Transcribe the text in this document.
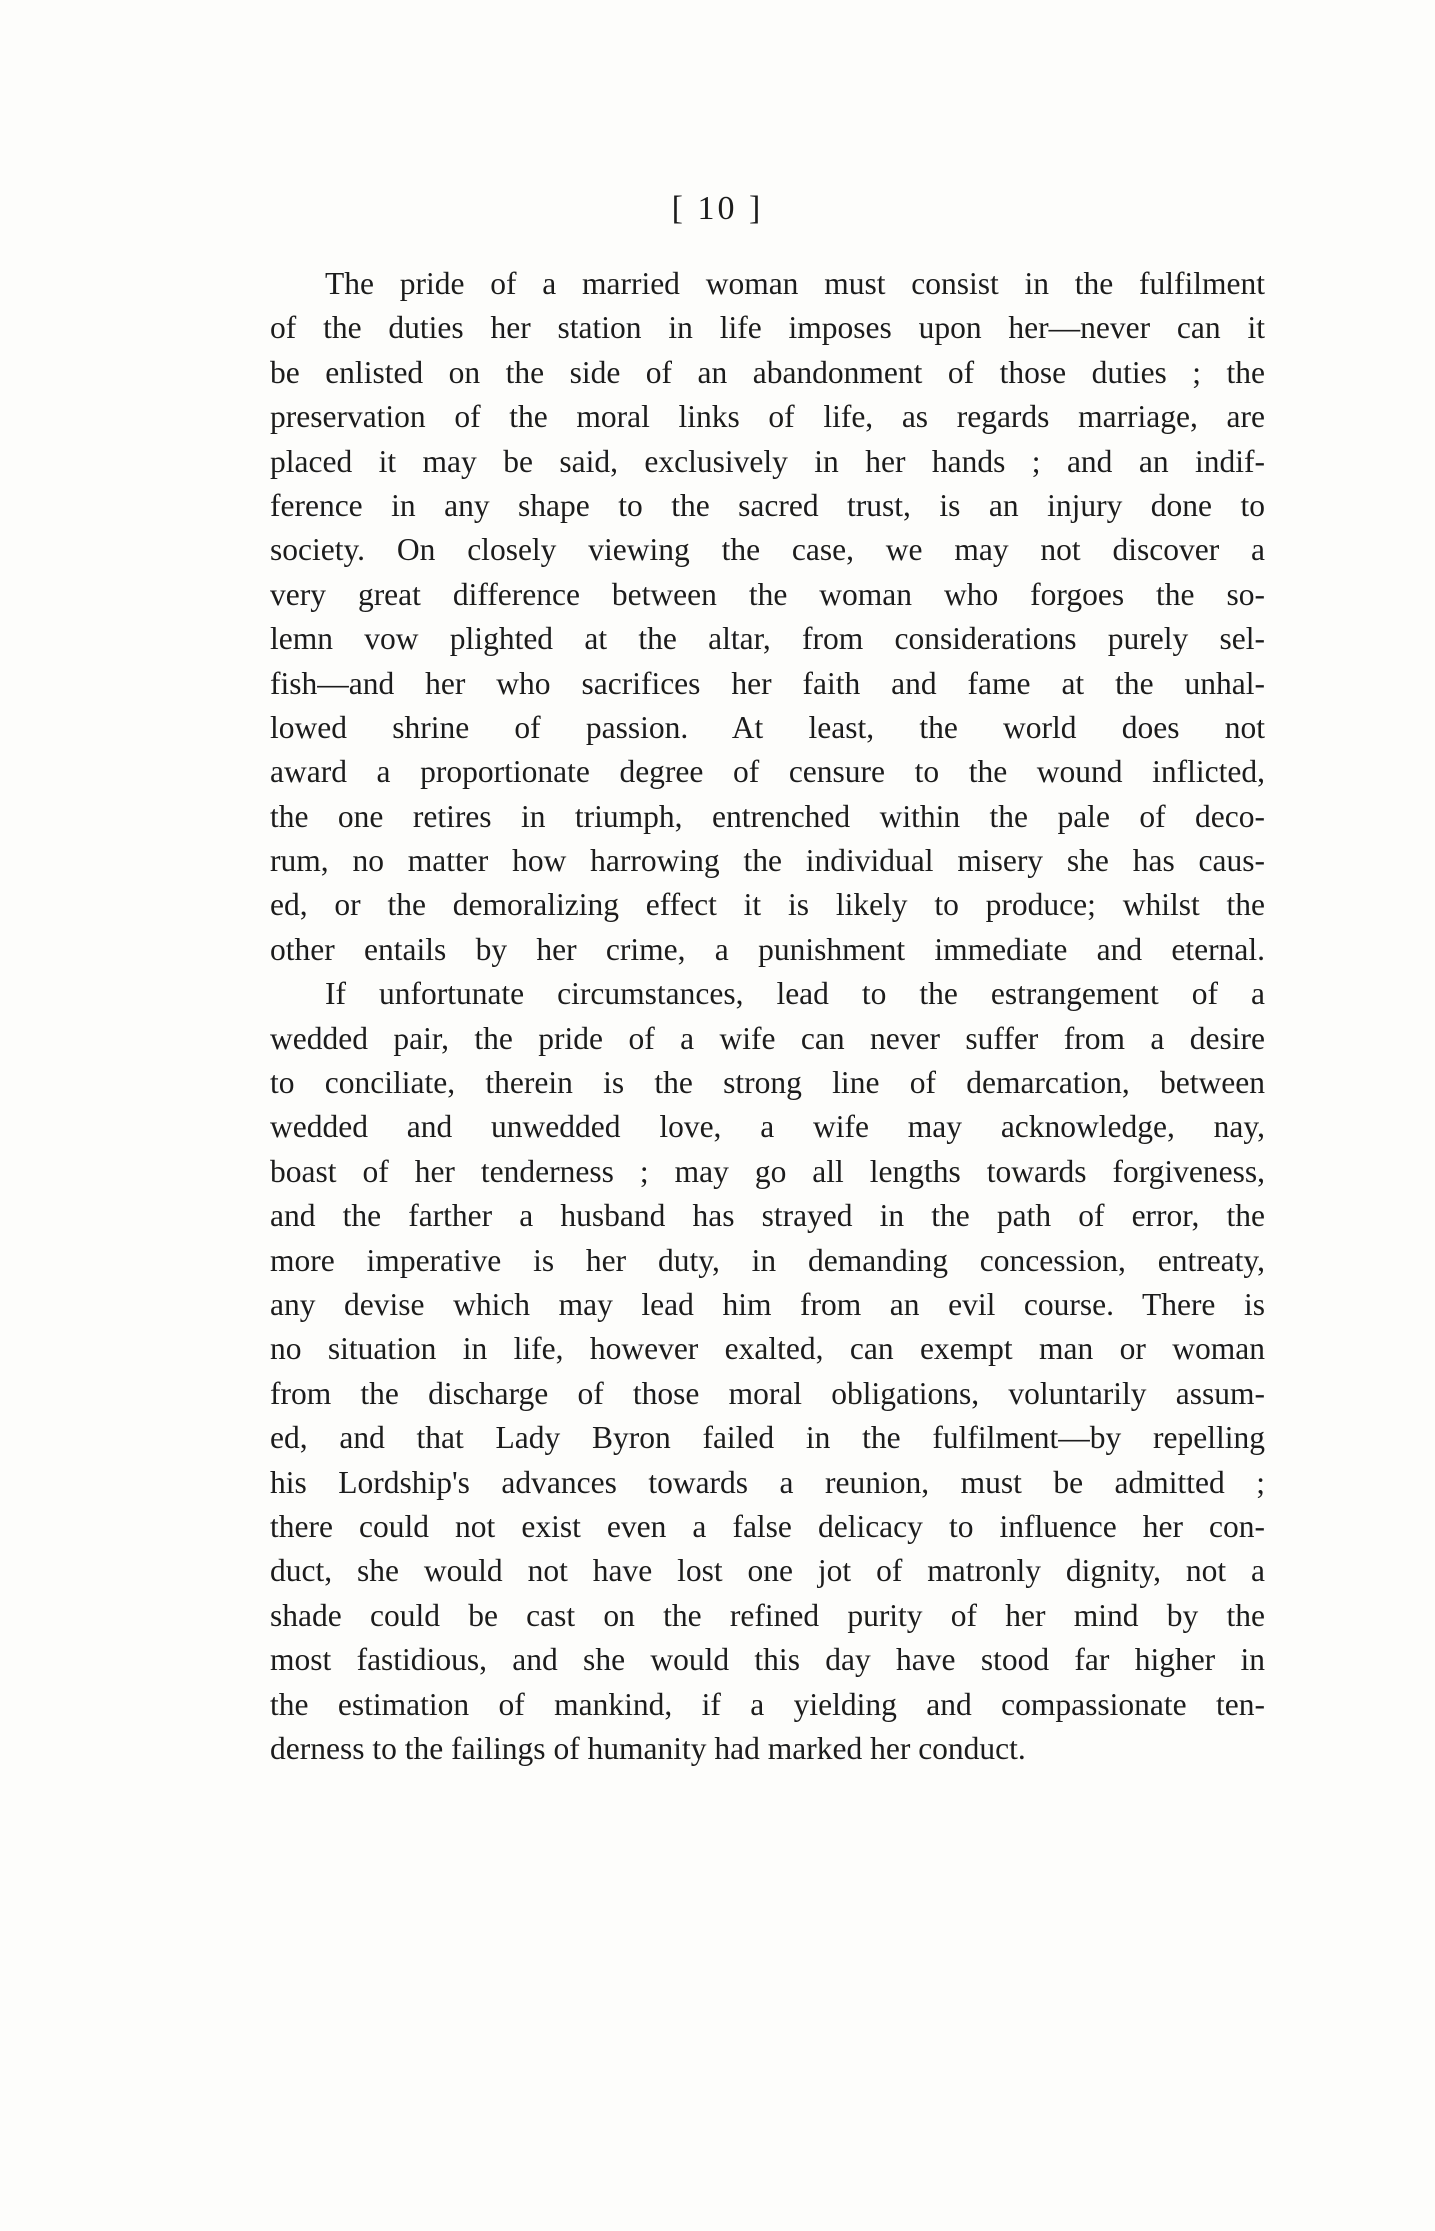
[ 10 ]
The pride of a married woman must consist in the fulfilment
of the duties her station in life imposes upon her—never can it
be enlisted on the side of an abandonment of those duties ; the
preservation of the moral links of life, as regards marriage, are
placed it may be said, exclusively in her hands ; and an indif-
ference in any shape to the sacred trust, is an injury done to
society. On closely viewing the case, we may not discover a
very great difference between the woman who forgoes the so-
lemn vow plighted at the altar, from considerations purely sel-
fish—and her who sacrifices her faith and fame at the unhal-
lowed shrine of passion. At least, the world does not
award a proportionate degree of censure to the wound inflicted,
the one retires in triumph, entrenched within the pale of deco-
rum, no matter how harrowing the individual misery she has caus-
ed, or the demoralizing effect it is likely to produce; whilst the
other entails by her crime, a punishment immediate and eternal.
If unfortunate circumstances, lead to the estrangement of a
wedded pair, the pride of a wife can never suffer from a desire
to conciliate, therein is the strong line of demarcation, between
wedded and unwedded love, a wife may acknowledge, nay,
boast of her tenderness ; may go all lengths towards forgiveness,
and the farther a husband has strayed in the path of error, the
more imperative is her duty, in demanding concession, entreaty,
any devise which may lead him from an evil course. There is
no situation in life, however exalted, can exempt man or woman
from the discharge of those moral obligations, voluntarily assum-
ed, and that Lady Byron failed in the fulfilment—by repelling
his Lordship's advances towards a reunion, must be admitted ;
there could not exist even a false delicacy to influence her con-
duct, she would not have lost one jot of matronly dignity, not a
shade could be cast on the refined purity of her mind by the
most fastidious, and she would this day have stood far higher in
the estimation of mankind, if a yielding and compassionate ten-
derness to the failings of humanity had marked her conduct.
